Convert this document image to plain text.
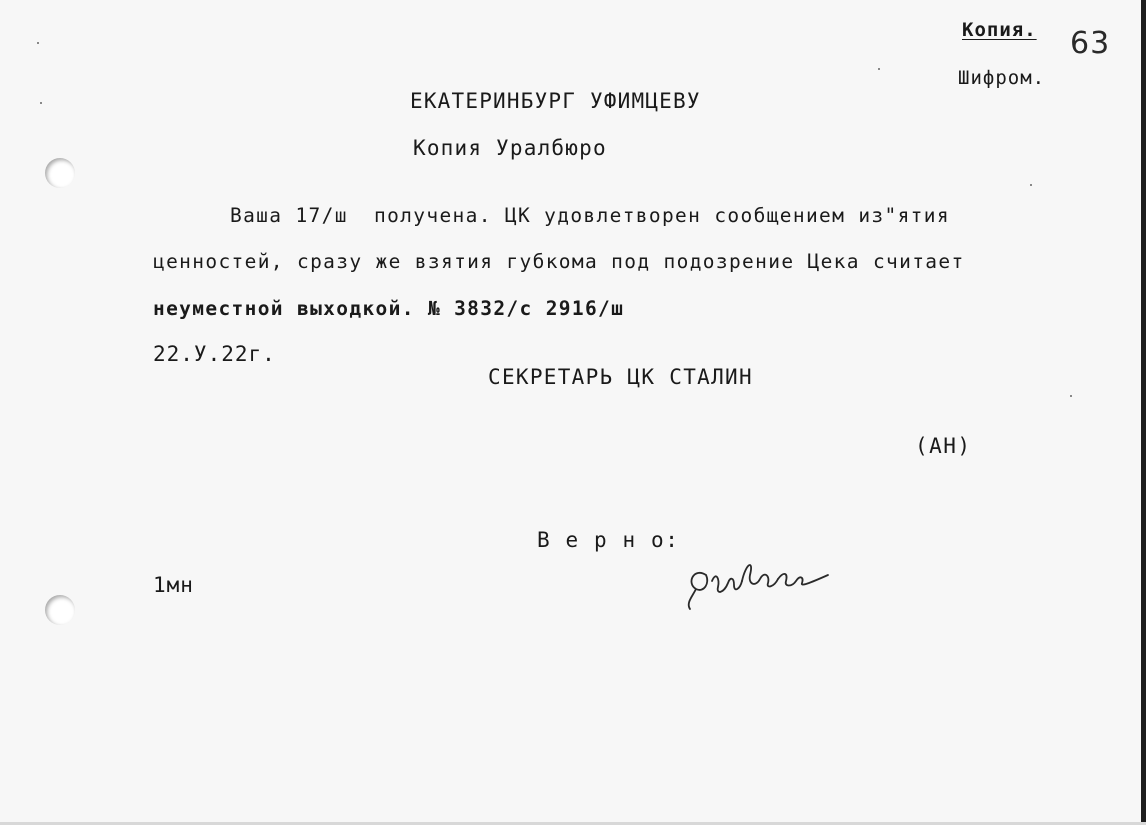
Копия. 63
Шифром.
ЕКАТЕРИНБУРГ УФИМЦЕВУ
Копия Уралбюро
Ваша 17/ш  получена. ЦК удовлетворен сообщением из"ятия
ценностей, сразу же взятия губкома под подозрение Цека считает
неуместной выходкой. № 3832/с 2916/ш
22.У.22г.
СЕКРЕТАРЬ ЦК СТАЛИН
(АН)
В е р н о:

1мн
